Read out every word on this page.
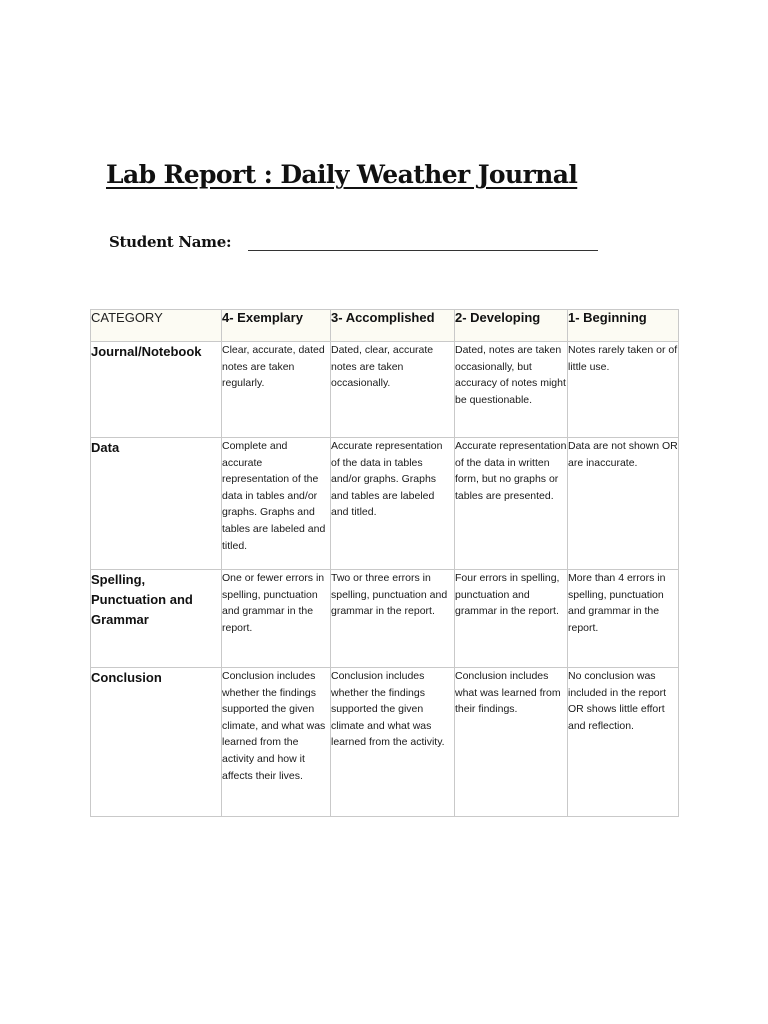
Lab Report : Daily Weather Journal
Student Name:
CATEGORY	4- Exemplary	3- Accomplished	2- Developing	1- Beginning
Journal/Notebook	Clear, accurate, dated notes are taken regularly.	Dated, clear, accurate notes are taken occasionally.	Dated, notes are taken occasionally, but accuracy of notes might be questionable.	Notes rarely taken or of little use.
Data	Complete and accurate representation of the data in tables and/or graphs. Graphs and tables are labeled and titled.	Accurate representation of the data in tables and/or graphs. Graphs and tables are labeled and titled.	Accurate representation of the data in written form, but no graphs or tables are presented.	Data are not shown OR are inaccurate.
Spelling, Punctuation and Grammar	One or fewer errors in spelling, punctuation and grammar in the report.	Two or three errors in spelling, punctuation and grammar in the report.	Four errors in spelling, punctuation and grammar in the report.	More than 4 errors in spelling, punctuation and grammar in the report.
Conclusion	Conclusion includes whether the findings supported the given climate, and what was learned from the activity and how it affects their lives.	Conclusion includes whether the findings supported the given climate and what was learned from the activity.	Conclusion includes what was learned from their findings.	No conclusion was included in the report OR shows little effort and reflection.
